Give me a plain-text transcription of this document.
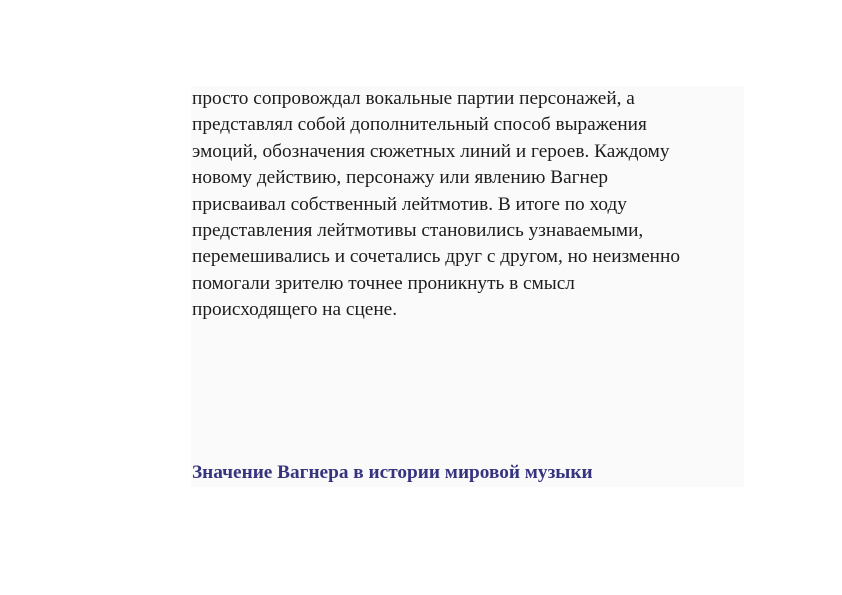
просто сопровождал вокальные партии персонажей, а
представлял собой дополнительный способ выражения
эмоций, обозначения сюжетных линий и героев. Каждому
новому действию, персонажу или явлению Вагнер
присваивал собственный лейтмотив. В итоге по ходу
представления лейтмотивы становились узнаваемыми,
перемешивались и сочетались друг с другом, но неизменно
помогали зрителю точнее проникнуть в смысл
происходящего на сцене.

Значение Вагнера в истории мировой музыки
